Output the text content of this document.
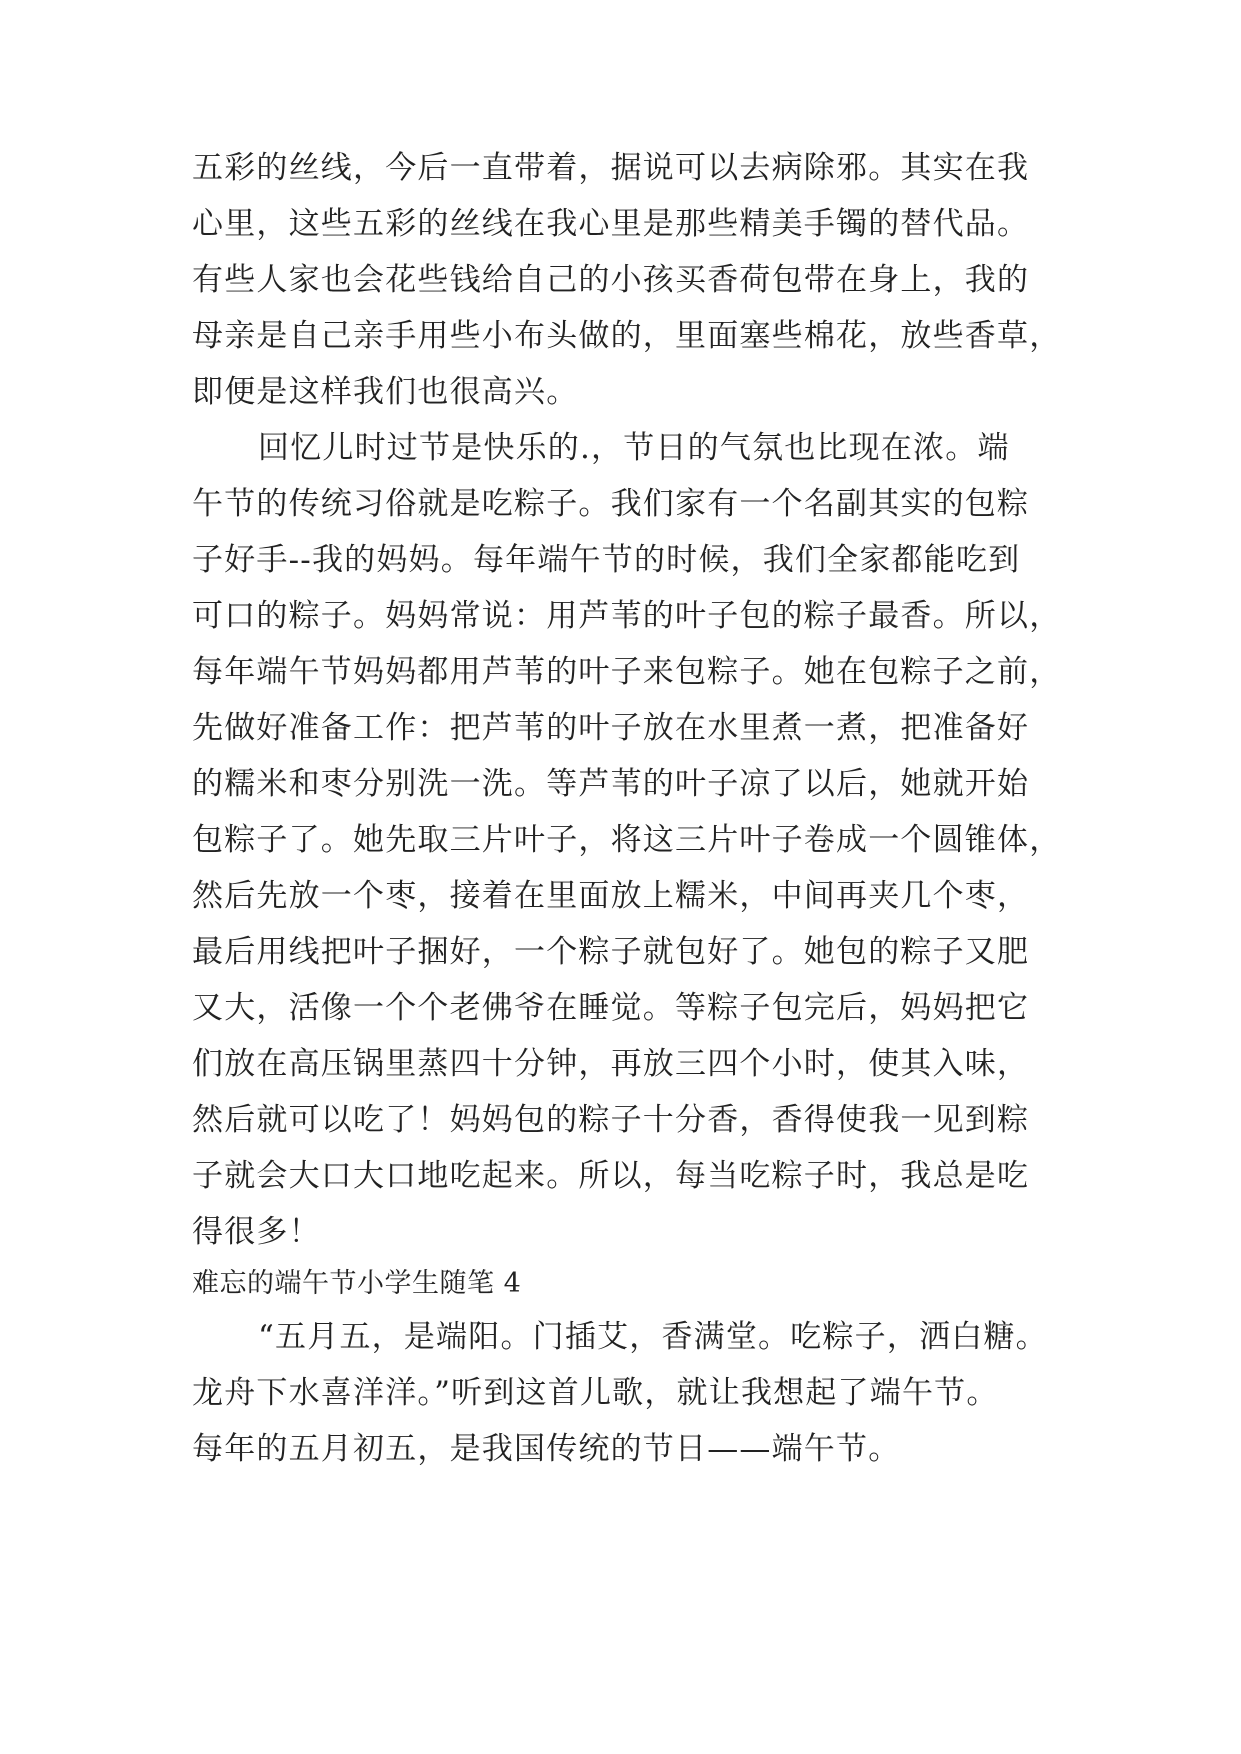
五彩的丝线，今后一直带着，据说可以去病除邪。其实在我
心里，这些五彩的丝线在我心里是那些精美手镯的替代品。
有些人家也会花些钱给自己的小孩买香荷包带在身上，我的
母亲是自己亲手用些小布头做的，里面塞些棉花，放些香草，
即便是这样我们也很高兴。
回忆儿时过节是快乐的.，节日的气氛也比现在浓。端
午节的传统习俗就是吃粽子。我们家有一个名副其实的包粽
子好手--我的妈妈。每年端午节的时候，我们全家都能吃到
可口的粽子。妈妈常说：用芦苇的叶子包的粽子最香。所以，
每年端午节妈妈都用芦苇的叶子来包粽子。她在包粽子之前，
先做好准备工作：把芦苇的叶子放在水里煮一煮，把准备好
的糯米和枣分别洗一洗。等芦苇的叶子凉了以后，她就开始
包粽子了。她先取三片叶子，将这三片叶子卷成一个圆锥体，
然后先放一个枣，接着在里面放上糯米，中间再夹几个枣，
最后用线把叶子捆好，一个粽子就包好了。她包的粽子又肥
又大，活像一个个老佛爷在睡觉。等粽子包完后，妈妈把它
们放在高压锅里蒸四十分钟，再放三四个小时，使其入味，
然后就可以吃了！妈妈包的粽子十分香，香得使我一见到粽
子就会大口大口地吃起来。所以，每当吃粽子时，我总是吃
得很多！
难忘的端午节小学生随笔 4
“五月五，是端阳。门插艾，香满堂。吃粽子，洒白糖。
龙舟下水喜洋洋。”听到这首儿歌，就让我想起了端午节。
每年的五月初五，是我国传统的节日——端午节。
